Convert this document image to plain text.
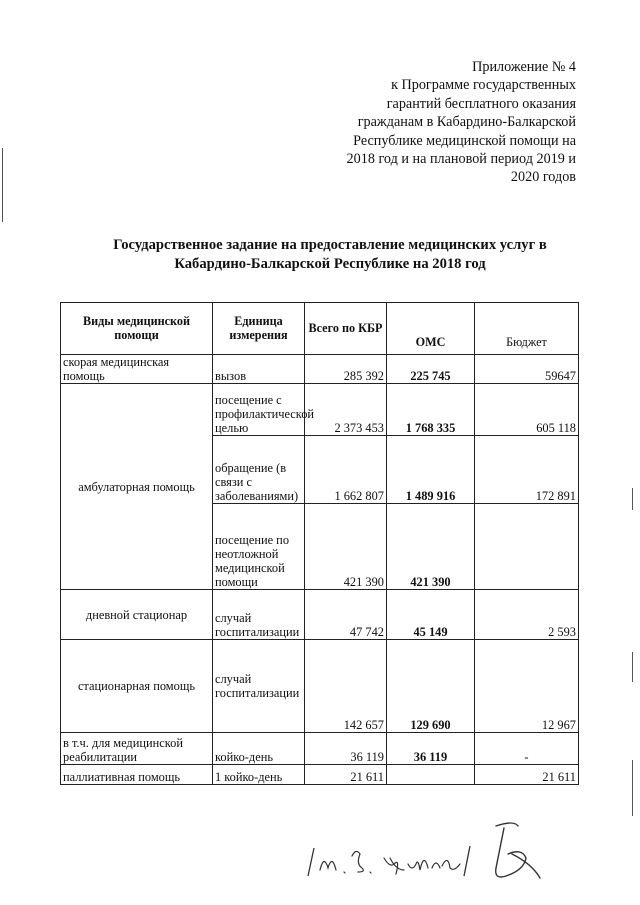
Приложение № 4
к Программе государственных
гарантий бесплатного оказания
гражданам в Кабардино-Балкарской
Республике медицинской помощи на
2018 год и на плановой период 2019 и
2020 годов
Государственное задание на предоставление медицинских услуг в
Кабардино-Балкарской Республике на 2018 год
Виды медицинской помощи	Единица измерения	Всего по КБР	ОМС	Бюджет
скорая медицинская помощь	вызов	285 392	225 745	59647
амбулаторная помощь	посещение с профилактической целью	2 373 453	1 768 335	605 118
	обращение (в связи с заболеваниями)	1 662 807	1 489 916	172 891
	посещение по неотложной медицинской помощи	421 390	421 390	
дневной стационар	случай госпитализации	47 742	45 149	2 593
стационарная помощь	случай госпитализации	142 657	129 690	12 967
в т.ч. для медицинской реабилитации	койко-день	36 119	36 119	-
паллиативная помощь	1 койко-день	21 611		21 611
